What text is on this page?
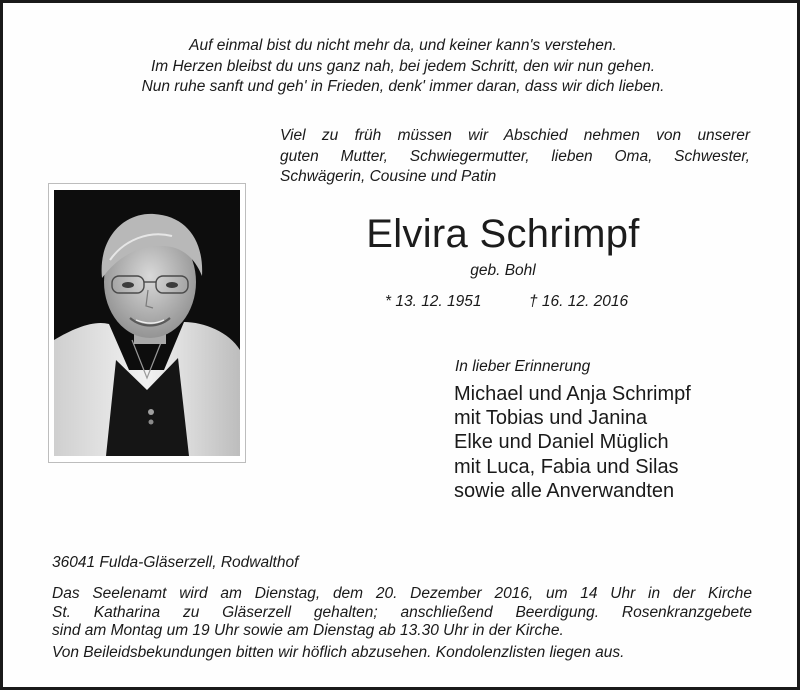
Auf einmal bist du nicht mehr da, und keiner kann's verstehen.
Im Herzen bleibst du uns ganz nah, bei jedem Schritt, den wir nun gehen.
Nun ruhe sanft und geh' in Frieden, denk' immer daran, dass wir dich lieben.
Viel zu früh müssen wir Abschied nehmen von unserer
guten Mutter, Schwiegermutter, lieben Oma, Schwester,
Schwägerin, Cousine und Patin
Elvira Schrimpf
geb. Bohl
* 13. 12. 1951	† 16. 12. 2016
In lieber Erinnerung
Michael und Anja Schrimpf
mit Tobias und Janina
Elke und Daniel Müglich
mit Luca, Fabia und Silas
sowie alle Anverwandten
36041 Fulda-Gläserzell, Rodwalthof
Das Seelenamt wird am Dienstag, dem 20. Dezember 2016, um 14 Uhr in der Kirche
St. Katharina zu Gläserzell gehalten; anschließend Beerdigung. Rosenkranzgebete
sind am Montag um 19 Uhr sowie am Dienstag ab 13.30 Uhr in der Kirche.
Von Beileidsbekundungen bitten wir höflich abzusehen. Kondolenzlisten liegen aus.
